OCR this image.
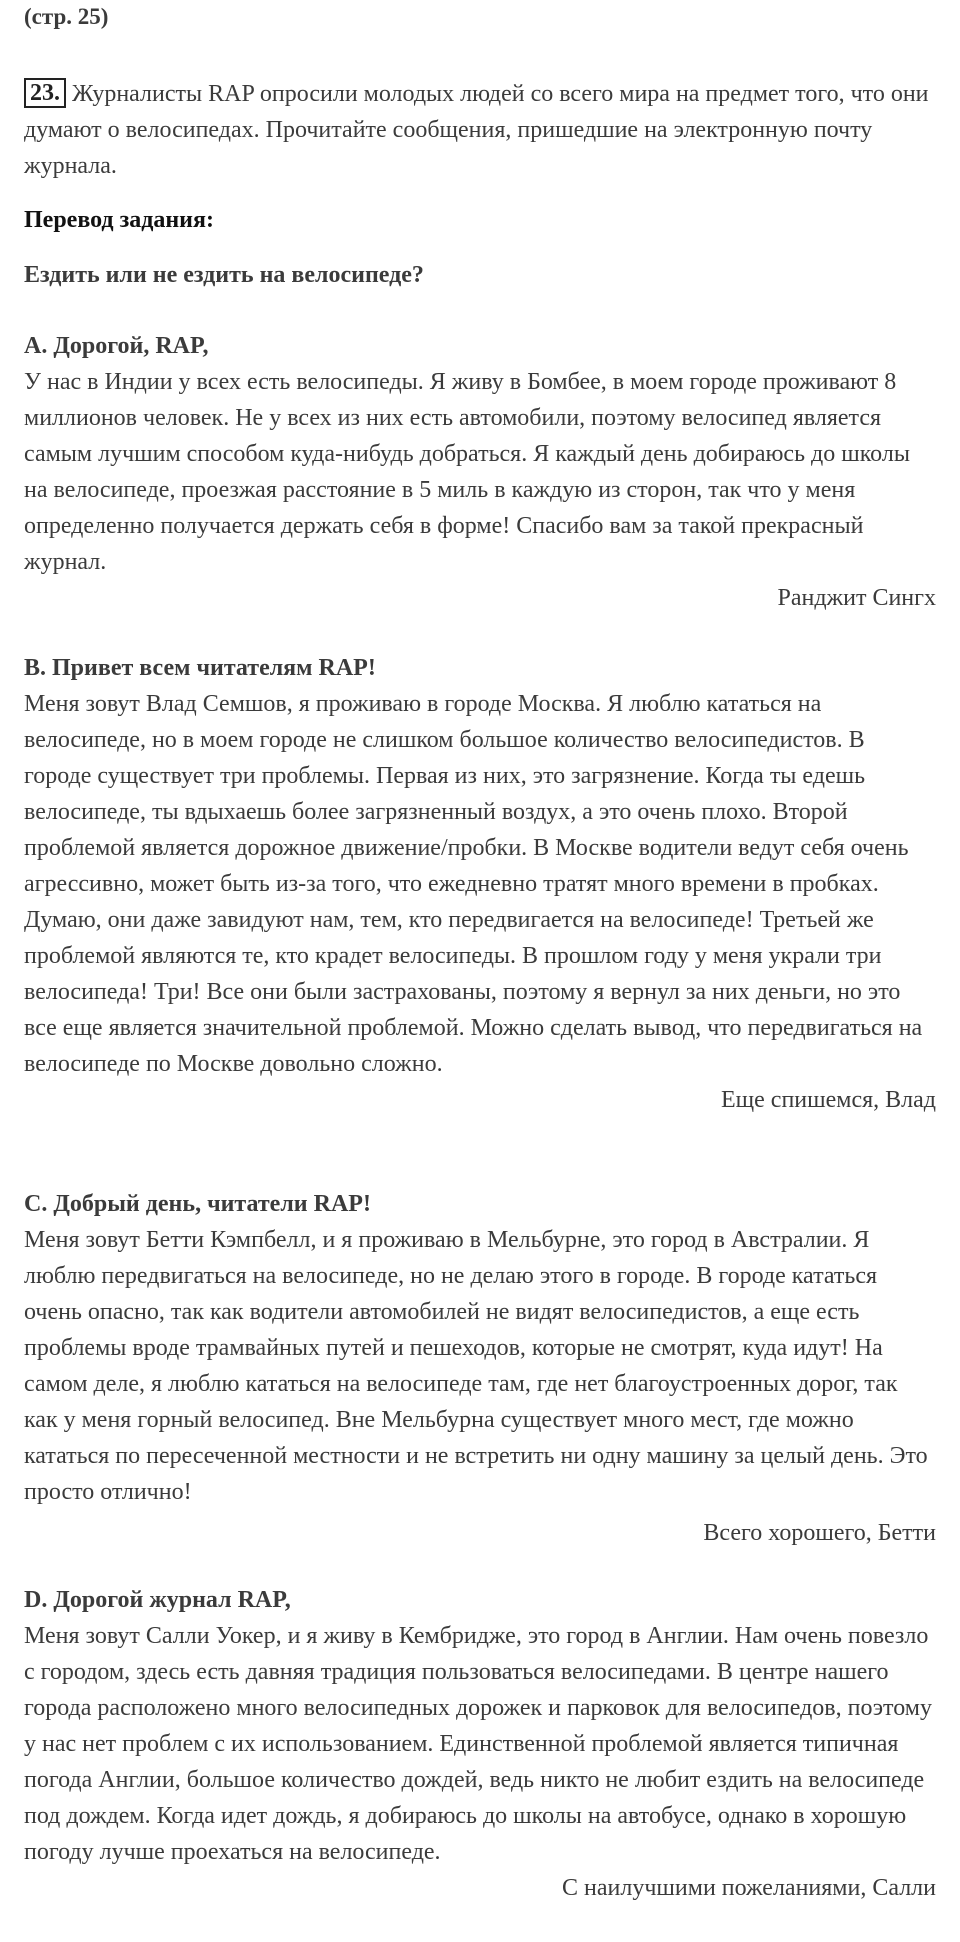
(стр. 25)
23. Журналисты RAP опросили молодых людей со всего мира на предмет того, что они думают о велосипедах. Прочитайте сообщения, пришедшие на электронную почту журнала.
Перевод задания:
Ездить или не ездить на велосипеде?
A. Дорогой, RAP,
У нас в Индии у всех есть велосипеды. Я живу в Бомбее, в моем городе проживают 8 миллионов человек. Не у всех из них есть автомобили, поэтому велосипед является самым лучшим способом куда-нибудь добраться. Я каждый день добираюсь до школы на велосипеде, проезжая расстояние в 5 миль в каждую из сторон, так что у меня определенно получается держать себя в форме! Спасибо вам за такой прекрасный журнал.
Ранджит Сингх
B. Привет всем читателям RAP!
Меня зовут Влад Семшов, я проживаю в городе Москва. Я люблю кататься на велосипеде, но в моем городе не слишком большое количество велосипедистов. В городе существует три проблемы. Первая из них, это загрязнение. Когда ты едешь велосипеде, ты вдыхаешь более загрязненный воздух, а это очень плохо. Второй проблемой является дорожное движение/пробки. В Москве водители ведут себя очень агрессивно, может быть из-за того, что ежедневно тратят много времени в пробках. Думаю, они даже завидуют нам, тем, кто передвигается на велосипеде! Третьей же проблемой являются те, кто крадет велосипеды. В прошлом году у меня украли три велосипеда! Три! Все они были застрахованы, поэтому я вернул за них деньги, но это все еще является значительной проблемой. Можно сделать вывод, что передвигаться на велосипеде по Москве довольно сложно.
Еще спишемся, Влад
C. Добрый день, читатели RAP!
Меня зовут Бетти Кэмпбелл, и я проживаю в Мельбурне, это город в Австралии. Я люблю передвигаться на велосипеде, но не делаю этого в городе. В городе кататься очень опасно, так как водители автомобилей не видят велосипедистов, а еще есть проблемы вроде трамвайных путей и пешеходов, которые не смотрят, куда идут! На самом деле, я люблю кататься на велосипеде там, где нет благоустроенных дорог, так как у меня горный велосипед. Вне Мельбурна существует много мест, где можно кататься по пересеченной местности и не встретить ни одну машину за целый день. Это просто отлично!
Всего хорошего, Бетти
D. Дорогой журнал RAP,
Меня зовут Салли Уокер, и я живу в Кембридже, это город в Англии. Нам очень повезло с городом, здесь есть давняя традиция пользоваться велосипедами. В центре нашего города расположено много велосипедных дорожек и парковок для велосипедов, поэтому у нас нет проблем с их использованием. Единственной проблемой является типичная погода Англии, большое количество дождей, ведь никто не любит ездить на велосипеде под дождем. Когда идет дождь, я добираюсь до школы на автобусе, однако в хорошую погоду лучше проехаться на велосипеде.
С наилучшими пожеланиями, Салли
